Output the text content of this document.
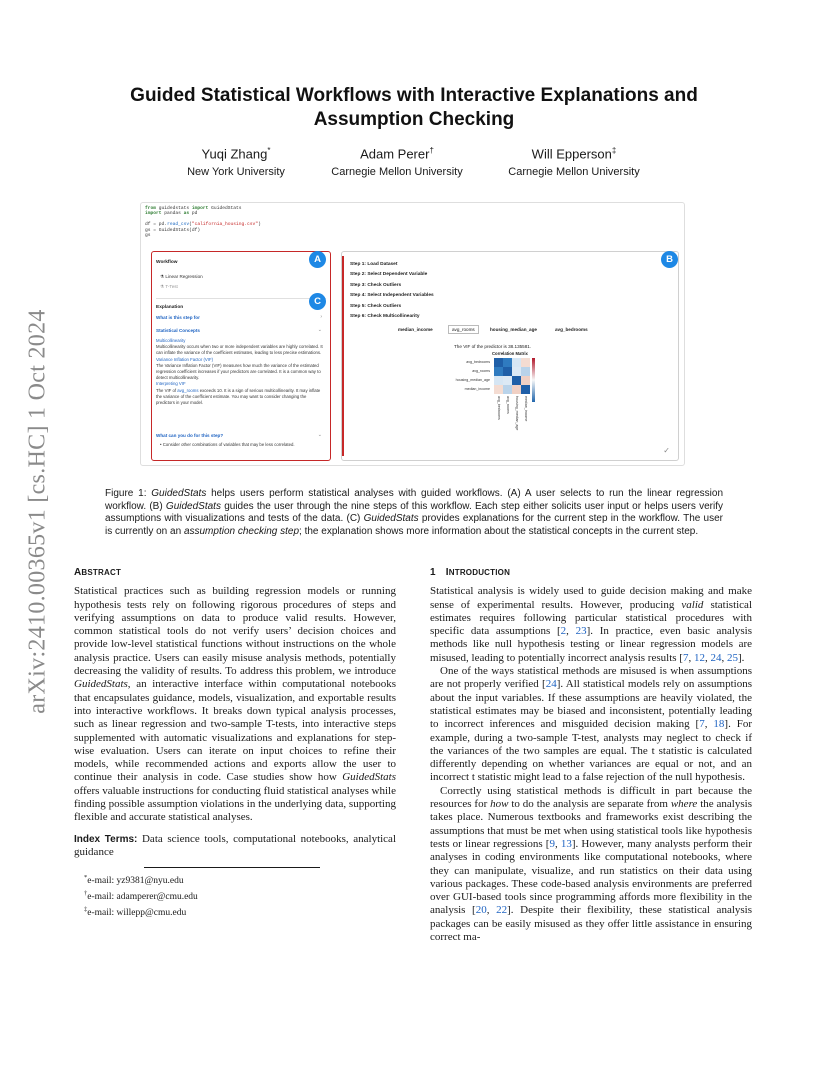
arXiv:2410.00365v1 [cs.HC] 1 Oct 2024
Guided Statistical Workflows with Interactive Explanations and
Assumption Checking
Yuqi Zhang*
New York University
Adam Perer†
Carnegie Mellon University
Will Epperson‡
Carnegie Mellon University
from guidedstats import GuidedStats
import pandas as pd

df = pd.read_csv("california_housing.csv")
gs = GuidedStats(df)
gs
Workflow
⚗ Linear Regression
⚗ T-Test
Explanation
What is this step for	›
Statistical Concepts	⌄
Multicollinearity
Multicollinearity occurs when two or more independent variables are highly correlated. It can inflate the variance of the coefficient estimates, leading to less precise estimations.
Variance Inflation Factor (VIF)
The Variance Inflation Factor (VIF) measures how much the variance of the estimated regression coefficient increases if your predictors are correlated. It is a common way to detect multicollinearity.
Interpreting VIF
The VIF of avg_rooms exceeds 10. It is a sign of serious multicollinearity. It may inflate the variance of the coefficient estimate. You may want to consider changing the predictors in your model.
What can you do for this step?	⌄
• Consider other combinations of variables that may be less correlated.
A
C
Step 1: Load Dataset
Step 2: Select Dependent Variable
Step 3: Check Outliers
Step 4: Select Independent Variables
Step 5: Check Outliers
Step 6: Check Multicollinearity
median_income	avg_rooms	housing_median_age	avg_bedrooms
The VIF of the predictor is 38.135581.
Correlation Matrix
avg_bedrooms
avg_rooms
housing_median_age
median_income
avg_bedrooms avg_rooms housing_median_age median_income
✓
B

Figure 1: GuidedStats helps users perform statistical analyses with guided workflows. (A) A user selects to run the linear regression workflow. (B) GuidedStats guides the user through the nine steps of this workflow. Each step either solicits user input or helps users verify assumptions with visualizations and tests of the data. (C) GuidedStats provides explanations for the current step in the workflow. The user is currently on an assumption checking step; the explanation shows more information about the statistical concepts in the current step.

ABSTRACT

Statistical practices such as building regression models or running hypothesis tests rely on following rigorous procedures of steps and verifying assumptions on data to produce valid results. However, common statistical tools do not verify users’ decision choices and provide low-level statistical functions without instructions on the whole analysis practice. Users can easily misuse analysis methods, potentially decreasing the validity of results. To address this problem, we introduce GuidedStats, an interactive interface within computational notebooks that encapsulates guidance, models, visualization, and exportable results into interactive workflows. It breaks down typical analysis processes, such as linear regression and two-sample T-tests, into interactive steps supplemented with automatic visualizations and explanations for step-wise evaluation. Users can iterate on input choices to refine their models, while recommended actions and exports allow the user to continue their analysis in code. Case studies show how GuidedStats offers valuable instructions for conducting fluid statistical analyses while finding possible assumption violations in the underlying data, supporting flexible and accurate statistical analyses.

Index Terms: Data science tools, computational notebooks, analytical guidance

*e-mail: yz9381@nyu.edu
†e-mail: adamperer@cmu.edu
‡e-mail: willepp@cmu.edu
1 INTRODUCTION

Statistical analysis is widely used to guide decision making and make sense of experimental results. However, producing valid statistical estimates requires following particular statistical procedures with specific data assumptions [2, 23]. In practice, even basic analysis methods like null hypothesis testing or linear regression models are misused, leading to potentially incorrect analysis results [7, 12, 24, 25].

One of the ways statistical methods are misused is when assumptions are not properly verified [24]. All statistical models rely on assumptions about the input variables. If these assumptions are heavily violated, the statistical estimates may be biased and inconsistent, potentially leading to incorrect inferences and misguided decision making [7, 18]. For example, during a two-sample T-test, analysts may neglect to check if the variances of the two samples are equal. The t statistic is calculated differently depending on whether variances are equal or not, and an incorrect t statistic might lead to a false rejection of the null hypothesis.

Correctly using statistical methods is difficult in part because the resources for how to do the analysis are separate from where the analysis takes place. Numerous textbooks and frameworks exist describing the assumptions that must be met when using statistical tools like hypothesis tests or linear regressions [9, 13]. However, many analysts perform their analyses in coding environments like computational notebooks, where they can manipulate, visualize, and run statistics on their data using various packages. These code-based analysis environments are preferred over GUI-based tools since programming affords more flexibility in the analysis [20, 22]. Despite their flexibility, these statistical analysis packages can be easily misused as they offer little assistance in ensuring correct ma-
